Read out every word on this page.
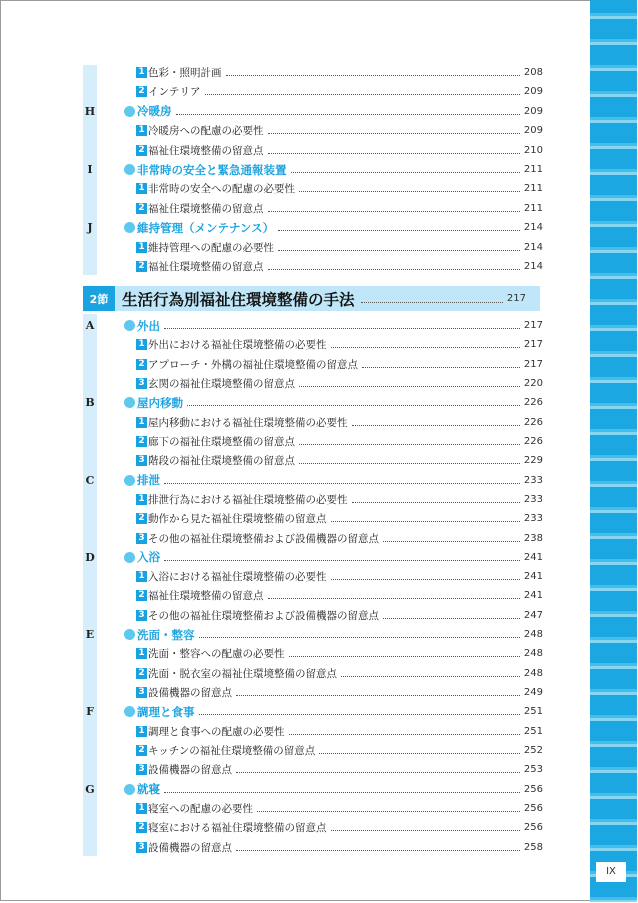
IX
1 色彩・照明計画	208
2 インテリア	209
H	冷暖房	209
1 冷暖房への配慮の必要性	209
2 福祉住環境整備の留意点	210
I	非常時の安全と緊急通報装置	211
1 非常時の安全への配慮の必要性	211
2 福祉住環境整備の留意点	211
J	維持管理（メンテナンス）	214
1 維持管理への配慮の必要性	214
2 福祉住環境整備の留意点	214
2節 生活行為別福祉住環境整備の手法	217
A	外出	217
1 外出における福祉住環境整備の必要性	217
2 アプローチ・外構の福祉住環境整備の留意点	217
3 玄関の福祉住環境整備の留意点	220
B	屋内移動	226
1 屋内移動における福祉住環境整備の必要性	226
2 廊下の福祉住環境整備の留意点	226
3 階段の福祉住環境整備の留意点	229
C	排泄	233
1 排泄行為における福祉住環境整備の必要性	233
2 動作から見た福祉住環境整備の留意点	233
3 その他の福祉住環境整備および設備機器の留意点	238
D	入浴	241
1 入浴における福祉住環境整備の必要性	241
2 福祉住環境整備の留意点	241
3 その他の福祉住環境整備および設備機器の留意点	247
E	洗面・整容	248
1 洗面・整容への配慮の必要性	248
2 洗面・脱衣室の福祉住環境整備の留意点	248
3 設備機器の留意点	249
F	調理と食事	251
1 調理と食事への配慮の必要性	251
2 キッチンの福祉住環境整備の留意点	252
3 設備機器の留意点	253
G	就寝	256
1 寝室への配慮の必要性	256
2 寝室における福祉住環境整備の留意点	256
3 設備機器の留意点	258
